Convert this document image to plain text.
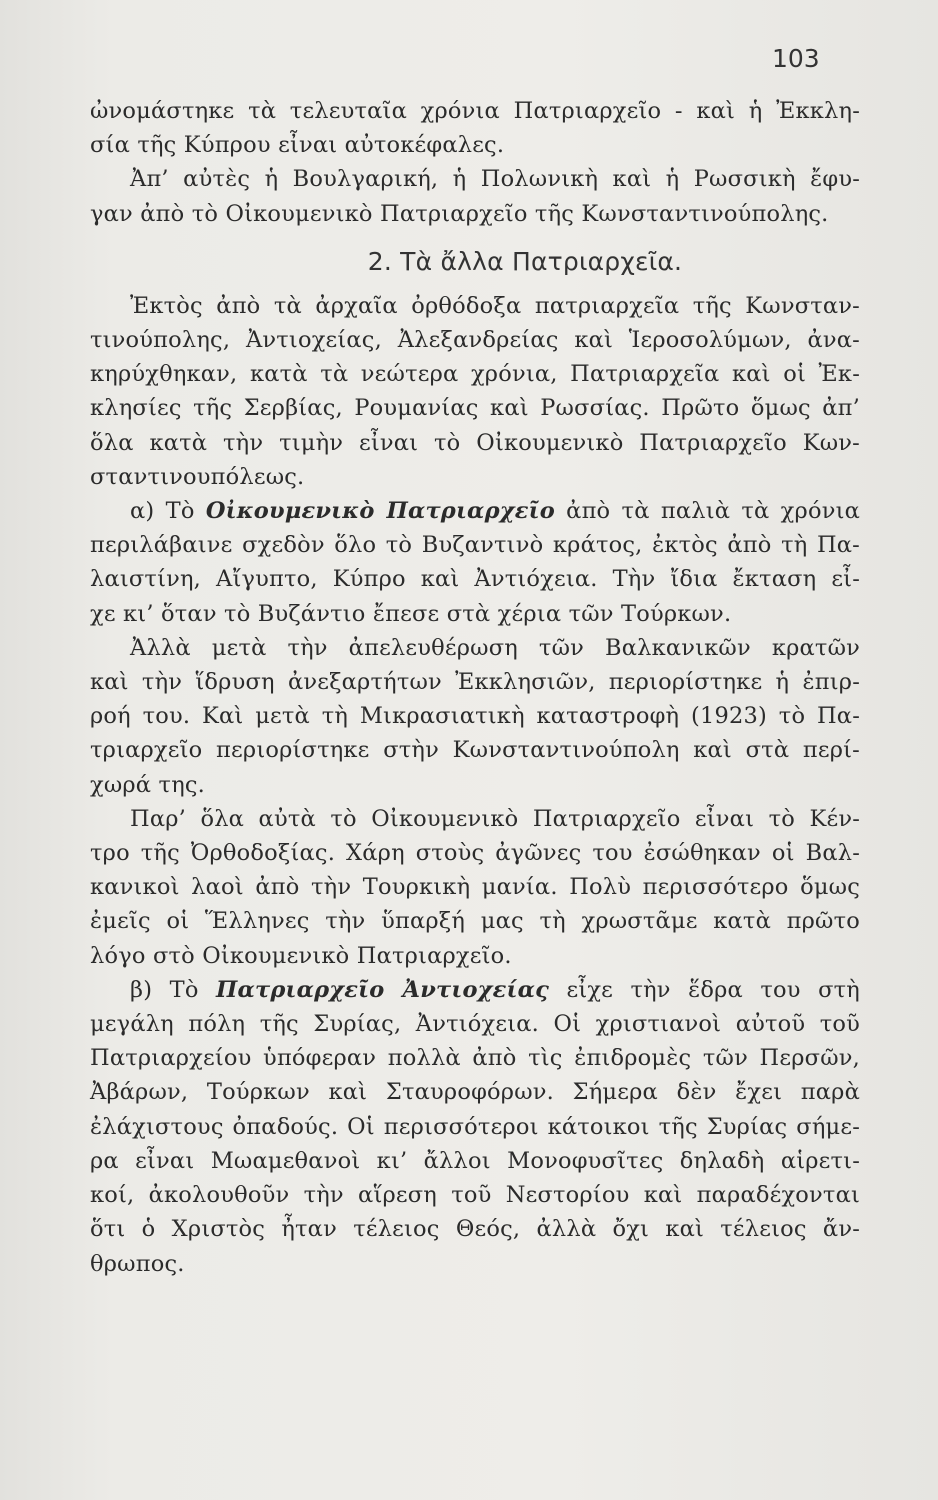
103
ὠνομάστηκε τὰ τελευταῖα χρόνια Πατριαρχεῖο - καὶ ἡ Ἐκκλη-
σία τῆς Κύπρου εἶναι αὐτοκέφαλες.
Ἀπ’ αὐτὲς ἡ Βουλγαρική, ἡ Πολωνικὴ καὶ ἡ Ρωσσικὴ ἔφυ-
γαν ἀπὸ τὸ Οἰκουμενικὸ Πατριαρχεῖο τῆς Κωνσταντινούπολης.
2. Τὰ ἄλλα Πατριαρχεῖα.
Ἐκτὸς ἀπὸ τὰ ἀρχαῖα ὀρθόδοξα πατριαρχεῖα τῆς Κωνσταν-
τινούπολης, Ἀντιοχείας, Ἀλεξανδρείας καὶ Ἱεροσολύμων, ἀνα-
κηρύχθηκαν, κατὰ τὰ νεώτερα χρόνια, Πατριαρχεῖα καὶ οἱ Ἐκ-
κλησίες τῆς Σερβίας, Ρουμανίας καὶ Ρωσσίας. Πρῶτο ὅμως ἀπ’
ὅλα κατὰ τὴν τιμὴν εἶναι τὸ Οἰκουμενικὸ Πατριαρχεῖο Κων-
σταντινουπόλεως.
α) Τὸ Οἰκουμενικὸ Πατριαρχεῖο ἀπὸ τὰ παλιὰ τὰ χρόνια
περιλάβαινε σχεδὸν ὅλο τὸ Βυζαντινὸ κράτος, ἐκτὸς ἀπὸ τὴ Πα-
λαιστίνη, Αἴγυπτο, Κύπρο καὶ Ἀντιόχεια. Τὴν ἴδια ἔκταση εἶ-
χε κι’ ὅταν τὸ Βυζάντιο ἔπεσε στὰ χέρια τῶν Τούρκων.
Ἀλλὰ μετὰ τὴν ἀπελευθέρωση τῶν Βαλκανικῶν κρατῶν
καὶ τὴν ἵδρυση ἀνεξαρτήτων Ἐκκλησιῶν, περιορίστηκε ἡ ἐπιρ-
ροή του. Καὶ μετὰ τὴ Μικρασιατικὴ καταστροφὴ (1923) τὸ Πα-
τριαρχεῖο περιορίστηκε στὴν Κωνσταντινούπολη καὶ στὰ περί-
χωρά της.
Παρ’ ὅλα αὐτὰ τὸ Οἰκουμενικὸ Πατριαρχεῖο εἶναι τὸ Κέν-
τρο τῆς Ὀρθοδοξίας. Χάρη στοὺς ἀγῶνες του ἐσώθηκαν οἱ Βαλ-
κανικοὶ λαοὶ ἀπὸ τὴν Τουρκικὴ μανία. Πολὺ περισσότερο ὅμως
ἐμεῖς οἱ Ἕλληνες τὴν ὕπαρξή μας τὴ χρωστᾶμε κατὰ πρῶτο
λόγο στὸ Οἰκουμενικὸ Πατριαρχεῖο.
β) Τὸ Πατριαρχεῖο Ἀντιοχείας εἶχε τὴν ἕδρα του στὴ
μεγάλη πόλη τῆς Συρίας, Ἀντιόχεια. Οἱ χριστιανοὶ αὐτοῦ τοῦ
Πατριαρχείου ὑπόφεραν πολλὰ ἀπὸ τὶς ἐπιδρομὲς τῶν Περσῶν,
Ἀβάρων, Τούρκων καὶ Σταυροφόρων. Σήμερα δὲν ἔχει παρὰ
ἐλάχιστους ὀπαδούς. Οἱ περισσότεροι κάτοικοι τῆς Συρίας σήμε-
ρα εἶναι Μωαμεθανοὶ κι’ ἄλλοι Μονοφυσῖτες δηλαδὴ αἱρετι-
κοί, ἀκολουθοῦν τὴν αἵρεση τοῦ Νεστορίου καὶ παραδέχονται
ὅτι ὁ Χριστὸς ἦταν τέλειος Θεός, ἀλλὰ ὄχι καὶ τέλειος ἄν-
θρωπος.
